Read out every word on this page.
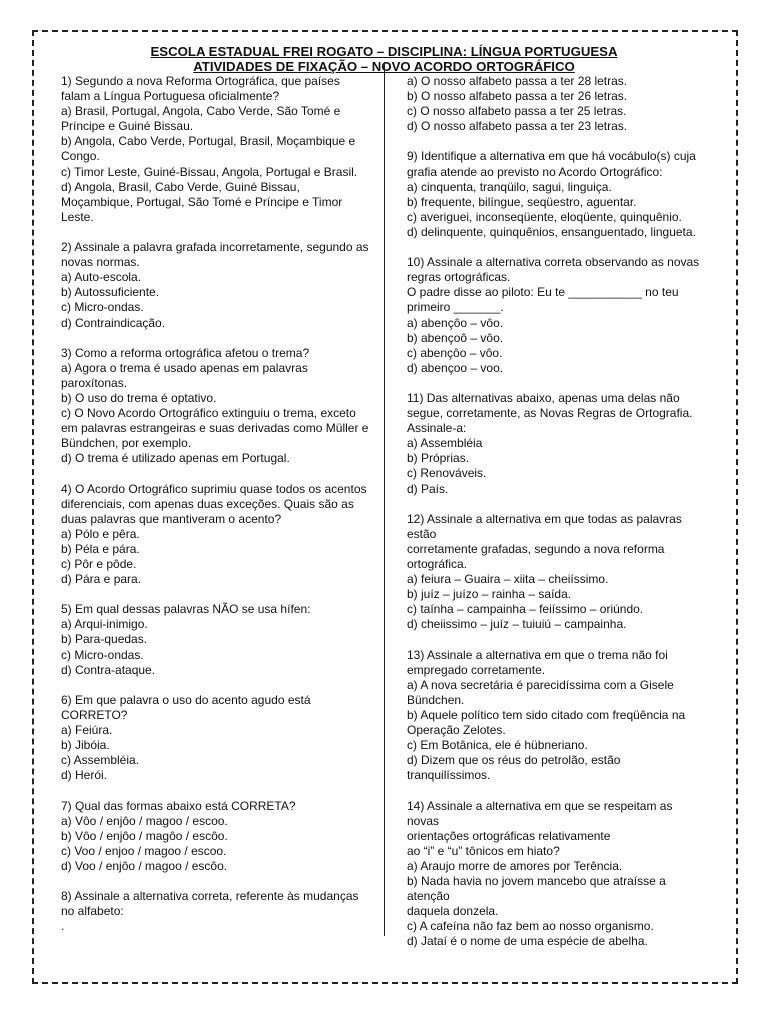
ESCOLA ESTADUAL FREI ROGATO – DISCIPLINA: LÍNGUA PORTUGUESA
ATIVIDADES DE FIXAÇÃO – NOVO ACORDO ORTOGRÁFICO
1) Segundo a nova Reforma Ortográfica, que países
falam a Língua Portuguesa oficialmente?
a) Brasil, Portugal, Angola, Cabo Verde, São Tomé e
Príncipe e Guiné Bissau.
b) Angola, Cabo Verde, Portugal, Brasil, Moçambique e
Congo.
c) Timor Leste, Guiné-Bissau, Angola, Portugal e Brasil.
d) Angola, Brasil, Cabo Verde, Guiné Bissau,
Moçambique, Portugal, São Tomé e Príncipe e Timor
Leste.
2) Assinale a palavra grafada incorretamente, segundo as
novas normas.
a) Auto-escola.
b) Autossuficiente.
c) Micro-ondas.
d) Contraindicação.
3) Como a reforma ortográfica afetou o trema?
a) Agora o trema é usado apenas em palavras
paroxítonas.
b) O uso do trema é optativo.
c) O Novo Acordo Ortográfico extinguiu o trema, exceto
em palavras estrangeiras e suas derivadas como Müller e
Bündchen, por exemplo.
d) O trema é utilizado apenas em Portugal.
4) O Acordo Ortográfico suprimiu quase todos os acentos
diferenciais, com apenas duas exceções. Quais são as
duas palavras que mantiveram o acento?
a) Pólo e pêra.
b) Péla e pára.
c) Pôr e pôde.
d) Pára e para.
5) Em qual dessas palavras NÃO se usa hífen:
a) Arqui-inimigo.
b) Para-quedas.
c) Micro-ondas.
d) Contra-ataque.
6) Em que palavra o uso do acento agudo está
CORRETO?
a) Feiúra.
b) Jibóia.
c) Assembléia.
d) Herói.
7) Qual das formas abaixo está CORRETA?
a) Vôo / enjôo / magoo / escoo.
b) Vôo / enjôo / magôo / escôo.
c) Voo / enjoo / magoo / escoo.
d) Voo / enjôo / magoo / escôo.
8) Assinale a alternativa correta, referente às mudanças
no alfabeto:
.
a) O nosso alfabeto passa a ter 28 letras.
b) O nosso alfabeto passa a ter 26 letras.
c) O nosso alfabeto passa a ter 25 letras.
d) O nosso alfabeto passa a ter 23 letras.
9) Identifique a alternativa em que há vocábulo(s) cuja
grafia atende ao previsto no Acordo Ortográfico:
a) cinquenta, tranqüilo, sagui, linguiça.
b) frequente, bilíngue, seqüestro, aguentar.
c) averiguei, inconseqüente, eloqüente, quinquênio.
d) delinquente, quinquênios, ensanguentado, lingueta.
10) Assinale a alternativa correta observando as novas
regras ortográficas.
O padre disse ao piloto: Eu te ___________ no teu
primeiro _______.
a) abençôo – vôo.
b) abençoô – vôo.
c) abençôo – vôo.
d) abençoo – voo.
11) Das alternativas abaixo, apenas uma delas não
segue, corretamente, as Novas Regras de Ortografia.
Assinale-a:
a) Assembléia
b) Próprias.
c) Renováveis.
d) País.
12) Assinale a alternativa em que todas as palavras estão
corretamente grafadas, segundo a nova reforma
ortográfica.
a) feiura – Guaira – xiita – cheiíssimo.
b) juíz – juízo – rainha – saída.
c) taínha – campainha – feiíssimo – oriúndo.
d) cheiissimo – juíz – tuiuiú – campainha.
13) Assinale a alternativa em que o trema não foi
empregado corretamente.
a) A nova secretária é parecidíssima com a Gisele
Bündchen.
b) Aquele político tem sido citado com freqüência na
Operação Zelotes.
c) Em Botânica, ele é hübneriano.
d) Dizem que os réus do petrolão, estão tranquilíssimos.
14) Assinale a alternativa em que se respeitam as novas
orientações ortográficas relativamente
ao “i” e “u” tônicos em hiato?
a) Araujo morre de amores por Terência.
b) Nada havia no jovem mancebo que atraísse a atenção
daquela donzela.
c) A cafeína não faz bem ao nosso organismo.
d) Jataí é o nome de uma espécie de abelha.
